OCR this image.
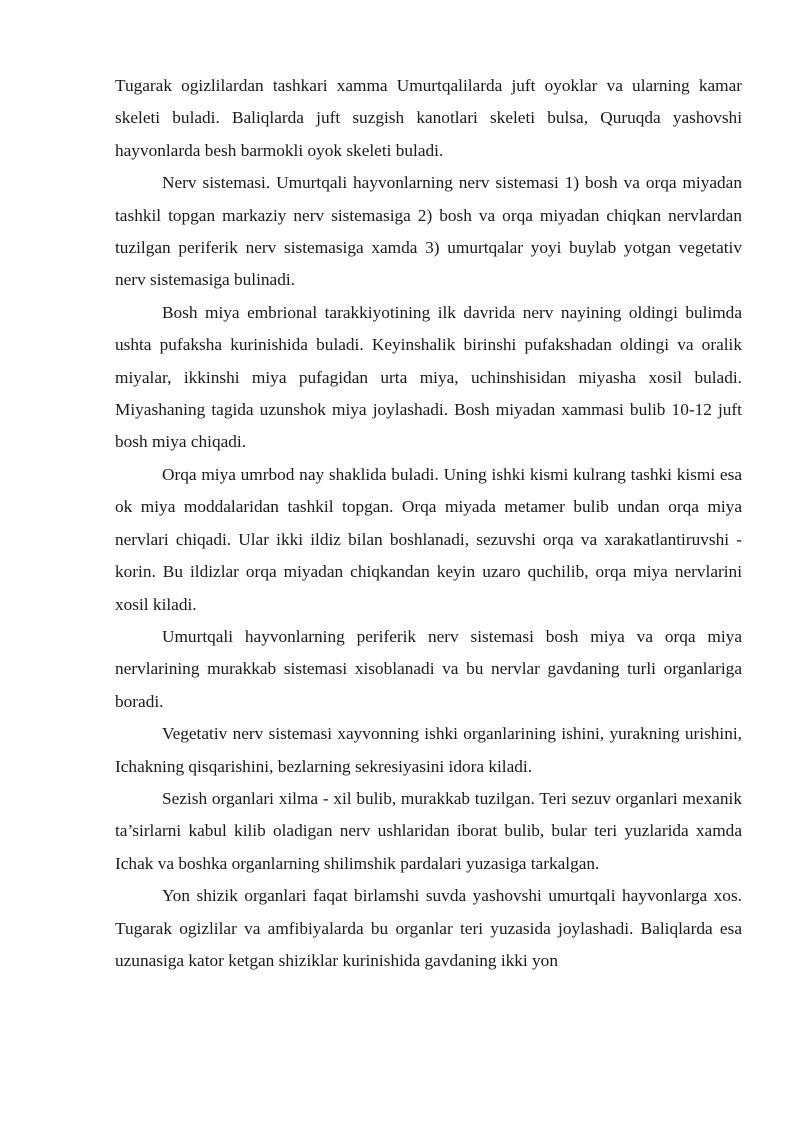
Tugarak ogizlilardan tashkari xamma Umurtqalilarda juft oyoklar va ularning kamar skeleti buladi. Baliqlarda juft suzgish kanotlari skeleti bulsa, Quruqda yashovshi hayvonlarda besh barmokli oyok skeleti buladi.

Nerv sistemasi. Umurtqali hayvonlarning nerv sistemasi 1) bosh va orqa miyadan tashkil topgan markaziy nerv sistemasiga 2) bosh va orqa miyadan chiqkan nervlardan tuzilgan periferik nerv sistemasiga xamda 3) umurtqalar yoyi buylab yotgan vegetativ nerv sistemasiga bulinadi.

Bosh miya embrional tarakkiyotining ilk davrida nerv nayining oldingi bulimda ushta pufaksha kurinishida buladi. Keyinshalik birinshi pufakshadan oldingi va oralik miyalar, ikkinshi miya pufagidan urta miya, uchinshisidan miyasha xosil buladi. Miyashaning tagida uzunshok miya joylashadi. Bosh miyadan xammasi bulib 10-12 juft bosh miya chiqadi.

Orqa miya umrbod nay shaklida buladi. Uning ishki kismi kulrang tashki kismi esa ok miya moddalaridan tashkil topgan. Orqa miyada metamer bulib undan orqa miya nervlari chiqadi. Ular ikki ildiz bilan boshlanadi, sezuvshi orqa va xarakatlantiruvshi - korin. Bu ildizlar orqa miyadan chiqkandan keyin uzaro quchilib, orqa miya nervlarini xosil kiladi.

Umurtqali hayvonlarning periferik nerv sistemasi bosh miya va orqa miya nervlarining murakkab sistemasi xisoblanadi va bu nervlar gavdaning turli organlariga boradi.

Vegetativ nerv sistemasi xayvonning ishki organlarining ishini, yurakning urishini, Ichakning qisqarishini, bezlarning sekresiyasini idora kiladi.

Sezish organlari xilma - xil bulib, murakkab tuzilgan. Teri sezuv organlari mexanik ta’sirlarni kabul kilib oladigan nerv ushlaridan iborat bulib, bular teri yuzlarida xamda Ichak va boshka organlarning shilimshik pardalari yuzasiga tarkalgan.

Yon shizik organlari faqat birlamshi suvda yashovshi umurtqali hayvonlarga xos. Tugarak ogizlilar va amfibiyalarda bu organlar teri yuzasida joylashadi. Baliqlarda esa uzunasiga kator ketgan shiziklar kurinishida gavdaning ikki yon
